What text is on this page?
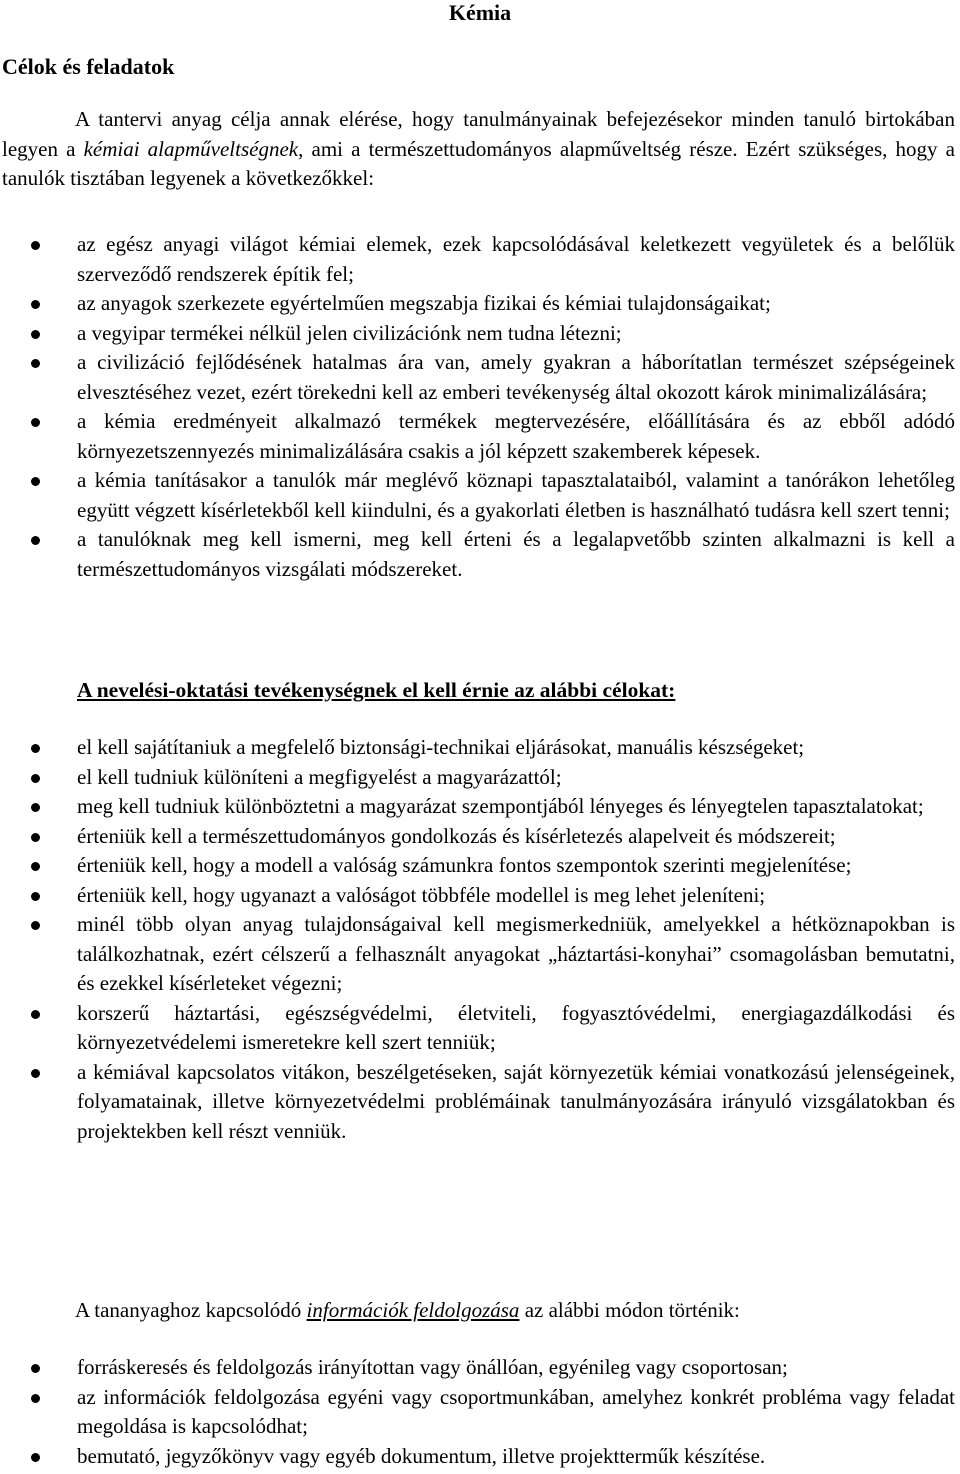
Kémia
Célok és feladatok

A tantervi anyag célja annak elérése, hogy tanulmányainak befejezésekor minden tanuló birtokában legyen a kémiai alapműveltségnek, ami a természettudományos alapműveltség része. Ezért szükséges, hogy a tanulók tisztában legyenek a következőkkel:

az egész anyagi világot kémiai elemek, ezek kapcsolódásával keletkezett vegyületek és a belőlük szerveződő rendszerek építik fel;
az anyagok szerkezete egyértelműen megszabja fizikai és kémiai tulajdonságaikat;
a vegyipar termékei nélkül jelen civilizációnk nem tudna létezni;
a civilizáció fejlődésének hatalmas ára van, amely gyakran a háborítatlan természet szépségeinek elvesztéséhez vezet, ezért törekedni kell az emberi tevékenység által okozott károk minimalizálására;
a kémia eredményeit alkalmazó termékek megtervezésére, előállítására és az ebből adódó környezetszennyezés minimalizálására csakis a jól képzett szakemberek képesek.
a kémia tanításakor a tanulók már meglévő köznapi tapasztalataiból, valamint a tanórákon lehetőleg együtt végzett kísérletekből kell kiindulni, és a gyakorlati életben is használható tudásra kell szert tenni;
a tanulóknak meg kell ismerni, meg kell érteni és a legalapvetőbb szinten alkalmazni is kell a természettudományos vizsgálati módszereket.
A nevelési-oktatási tevékenységnek el kell érnie az alábbi célokat:
el kell sajátítaniuk a megfelelő biztonsági-technikai eljárásokat, manuális készségeket;
el kell tudniuk különíteni a megfigyelést a magyarázattól;
meg kell tudniuk különböztetni a magyarázat szempontjából lényeges és lényegtelen tapasztalatokat;
érteniük kell a természettudományos gondolkozás és kísérletezés alapelveit és módszereit;
érteniük kell, hogy a modell a valóság számunkra fontos szempontok szerinti megjelenítése;
érteniük kell, hogy ugyanazt a valóságot többféle modellel is meg lehet jeleníteni;
minél több olyan anyag tulajdonságaival kell megismerkedniük, amelyekkel a hétköznapokban is találkozhatnak, ezért célszerű a felhasznált anyagokat „háztartási-konyhai” csomagolásban bemutatni, és ezekkel kísérleteket végezni;
korszerű háztartási, egészségvédelmi, életviteli, fogyasztóvédelmi, energiagazdálkodási és környezetvédelemi ismeretekre kell szert tenniük;
a kémiával kapcsolatos vitákon, beszélgetéseken, saját környezetük kémiai vonatkozású jelenségeinek, folyamatainak, illetve környezetvédelmi problémáinak tanulmányozására irányuló vizsgálatokban és projektekben kell részt venniük.

A tananyaghoz kapcsolódó információk feldolgozása az alábbi módon történik:

forráskeresés és feldolgozás irányítottan vagy önállóan, egyénileg vagy csoportosan;
az információk feldolgozása egyéni vagy csoportmunkában, amelyhez konkrét probléma vagy feladat megoldása is kapcsolódhat;
bemutató, jegyzőkönyv vagy egyéb dokumentum, illetve projektterműk készítése.
